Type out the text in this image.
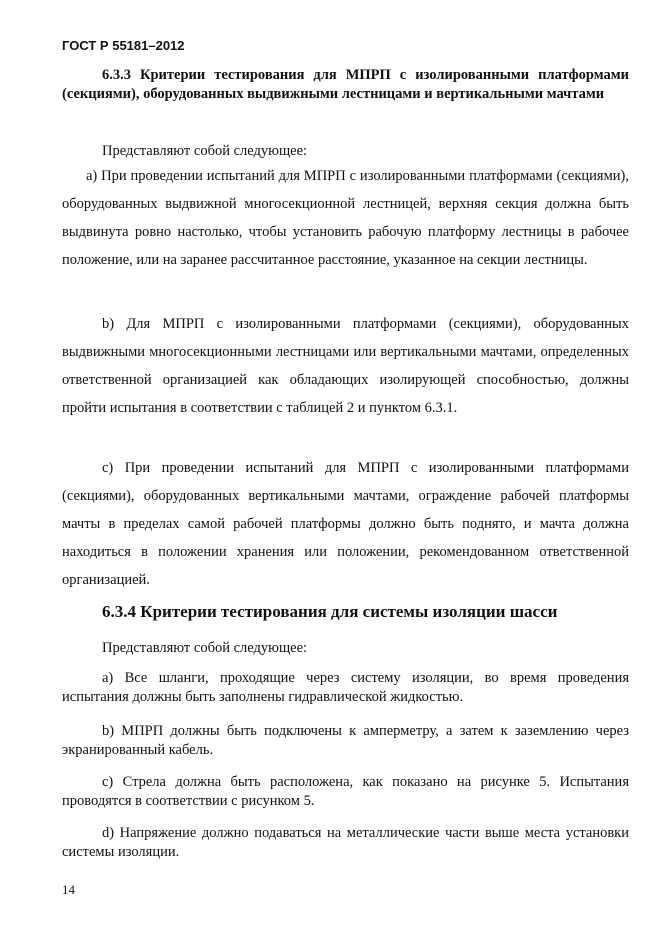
ГОСТ Р 55181–2012

6.3.3 Критерии тестирования для МПРП с изолированными платформами (секциями), оборудованных выдвижными лестницами и вертикальными мачтами

Представляют собой следующее:

a) При проведении испытаний для МПРП с изолированными платформами (секциями), оборудованных выдвижной многосекционной лестницей, верхняя секция должна быть выдвинута ровно настолько, чтобы установить рабочую платформу лестницы в рабочее положение, или на заранее рассчитанное расстояние, указанное на секции лестницы.

b) Для МПРП с изолированными платформами (секциями), оборудованных выдвижными многосекционными лестницами или вертикальными мачтами, определенных ответственной организацией как обладающих изолирующей способностью, должны пройти испытания в соответствии с таблицей 2 и пунктом 6.3.1.

c) При проведении испытаний для МПРП с изолированными платформами (секциями), оборудованных вертикальными мачтами, ограждение рабочей платформы мачты в пределах самой рабочей платформы должно быть поднято, и мачта должна находиться в положении хранения или положении, рекомендованном ответственной организацией.

6.3.4 Критерии тестирования для системы изоляции шасси

Представляют собой следующее:

a) Все шланги, проходящие через систему изоляции, во время проведения испытания должны быть заполнены гидравлической жидкостью.

b) МПРП должны быть подключены к амперметру, а затем к заземлению через экранированный кабель.

c) Стрела должна быть расположена, как показано на рисунке 5. Испытания проводятся в соответствии с рисунком 5.

d) Напряжение должно подаваться на металлические части выше места установки системы изоляции.

14
